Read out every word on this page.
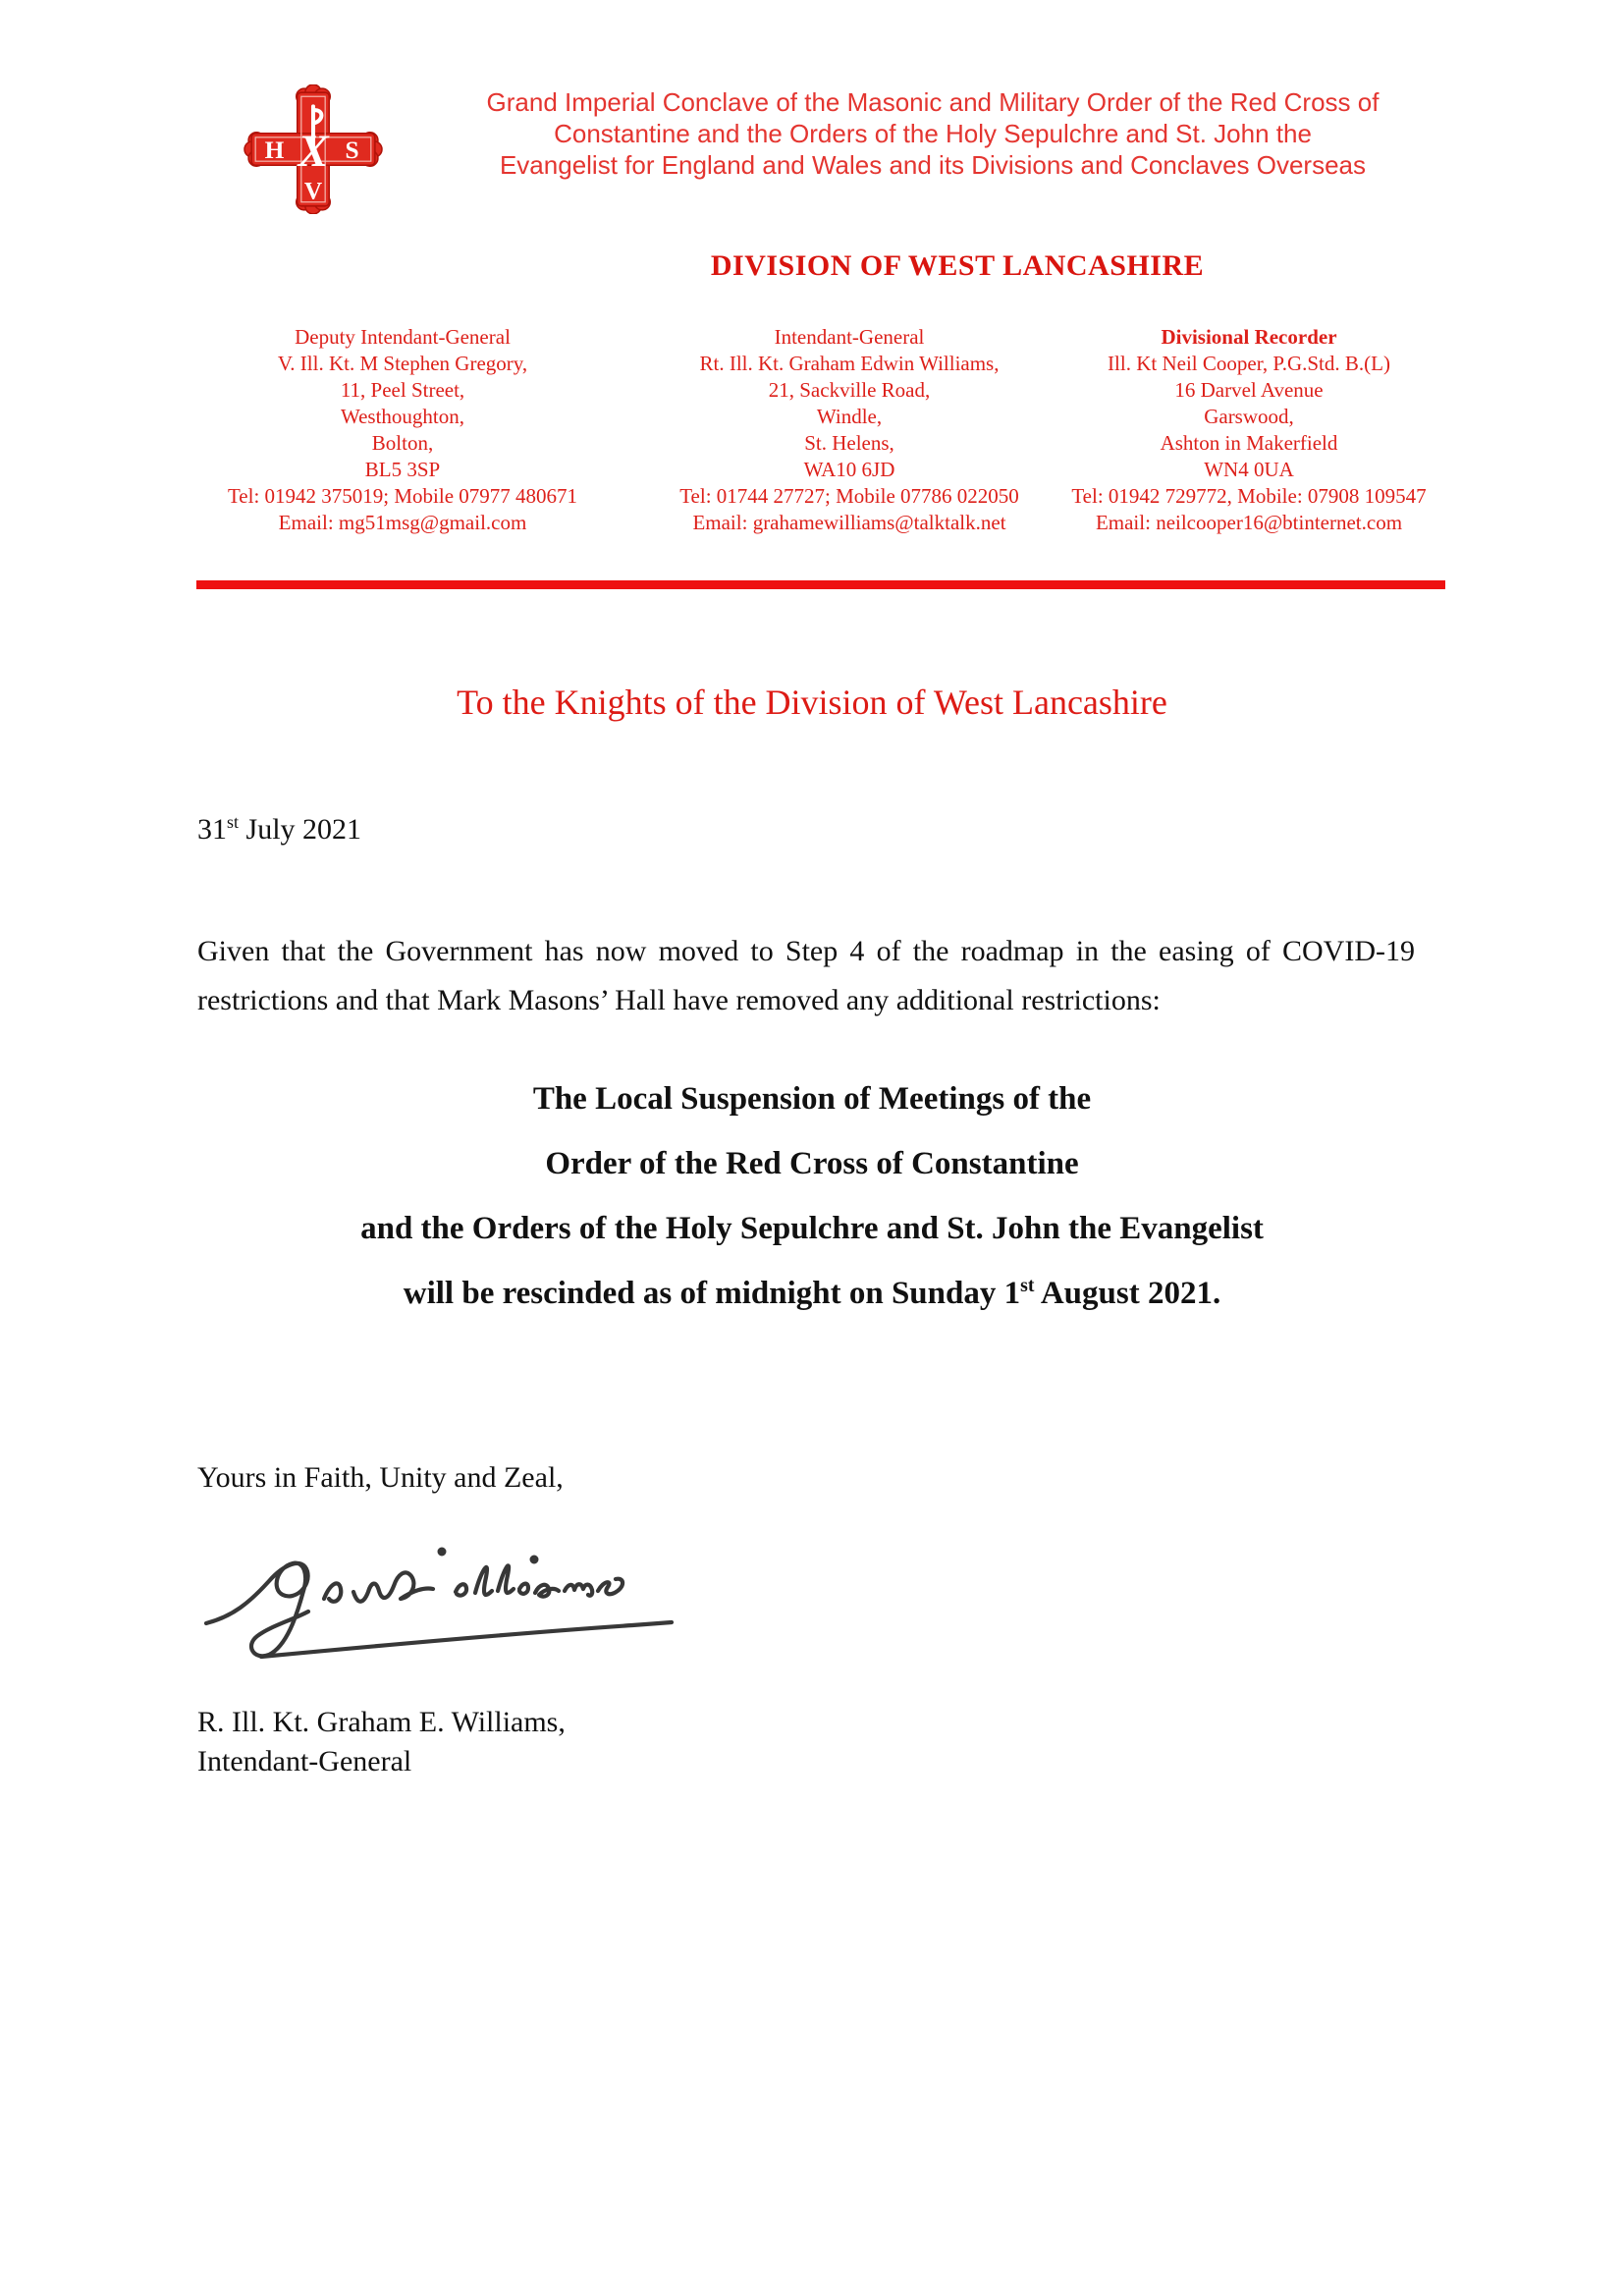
X
H S
V
Grand Imperial Conclave of the Masonic and Military Order of the Red Cross of
Constantine and the Orders of the Holy Sepulchre and St. John the
Evangelist for England and Wales and its Divisions and Conclaves Overseas
DIVISION OF WEST LANCASHIRE
Deputy Intendant-General
V. Ill. Kt. M Stephen Gregory,
11, Peel Street,
Westhoughton,
Bolton,
BL5 3SP
Tel: 01942 375019; Mobile 07977 480671
Email: mg51msg@gmail.com
Intendant-General
Rt. Ill. Kt. Graham Edwin Williams,
21, Sackville Road,
Windle,
St. Helens,
WA10 6JD
Tel: 01744 27727; Mobile 07786 022050
Email: grahamewilliams@talktalk.net
Divisional Recorder
Ill. Kt Neil Cooper, P.G.Std. B.(L)
16 Darvel Avenue
Garswood,
Ashton in Makerfield
WN4 0UA
Tel: 01942 729772, Mobile: 07908 109547
Email: neilcooper16@btinternet.com
To the Knights of the Division of West Lancashire
31st July 2021
Given that the Government has now moved to Step 4 of the roadmap in the easing of COVID-19 restrictions and that Mark Masons’ Hall have removed any additional restrictions:
The Local Suspension of Meetings of the
Order of the Red Cross of Constantine
and the Orders of the Holy Sepulchre and St. John the Evangelist
will be rescinded as of midnight on Sunday 1st August 2021.
Yours in Faith, Unity and Zeal,
R. Ill. Kt. Graham E. Williams,
Intendant-General
